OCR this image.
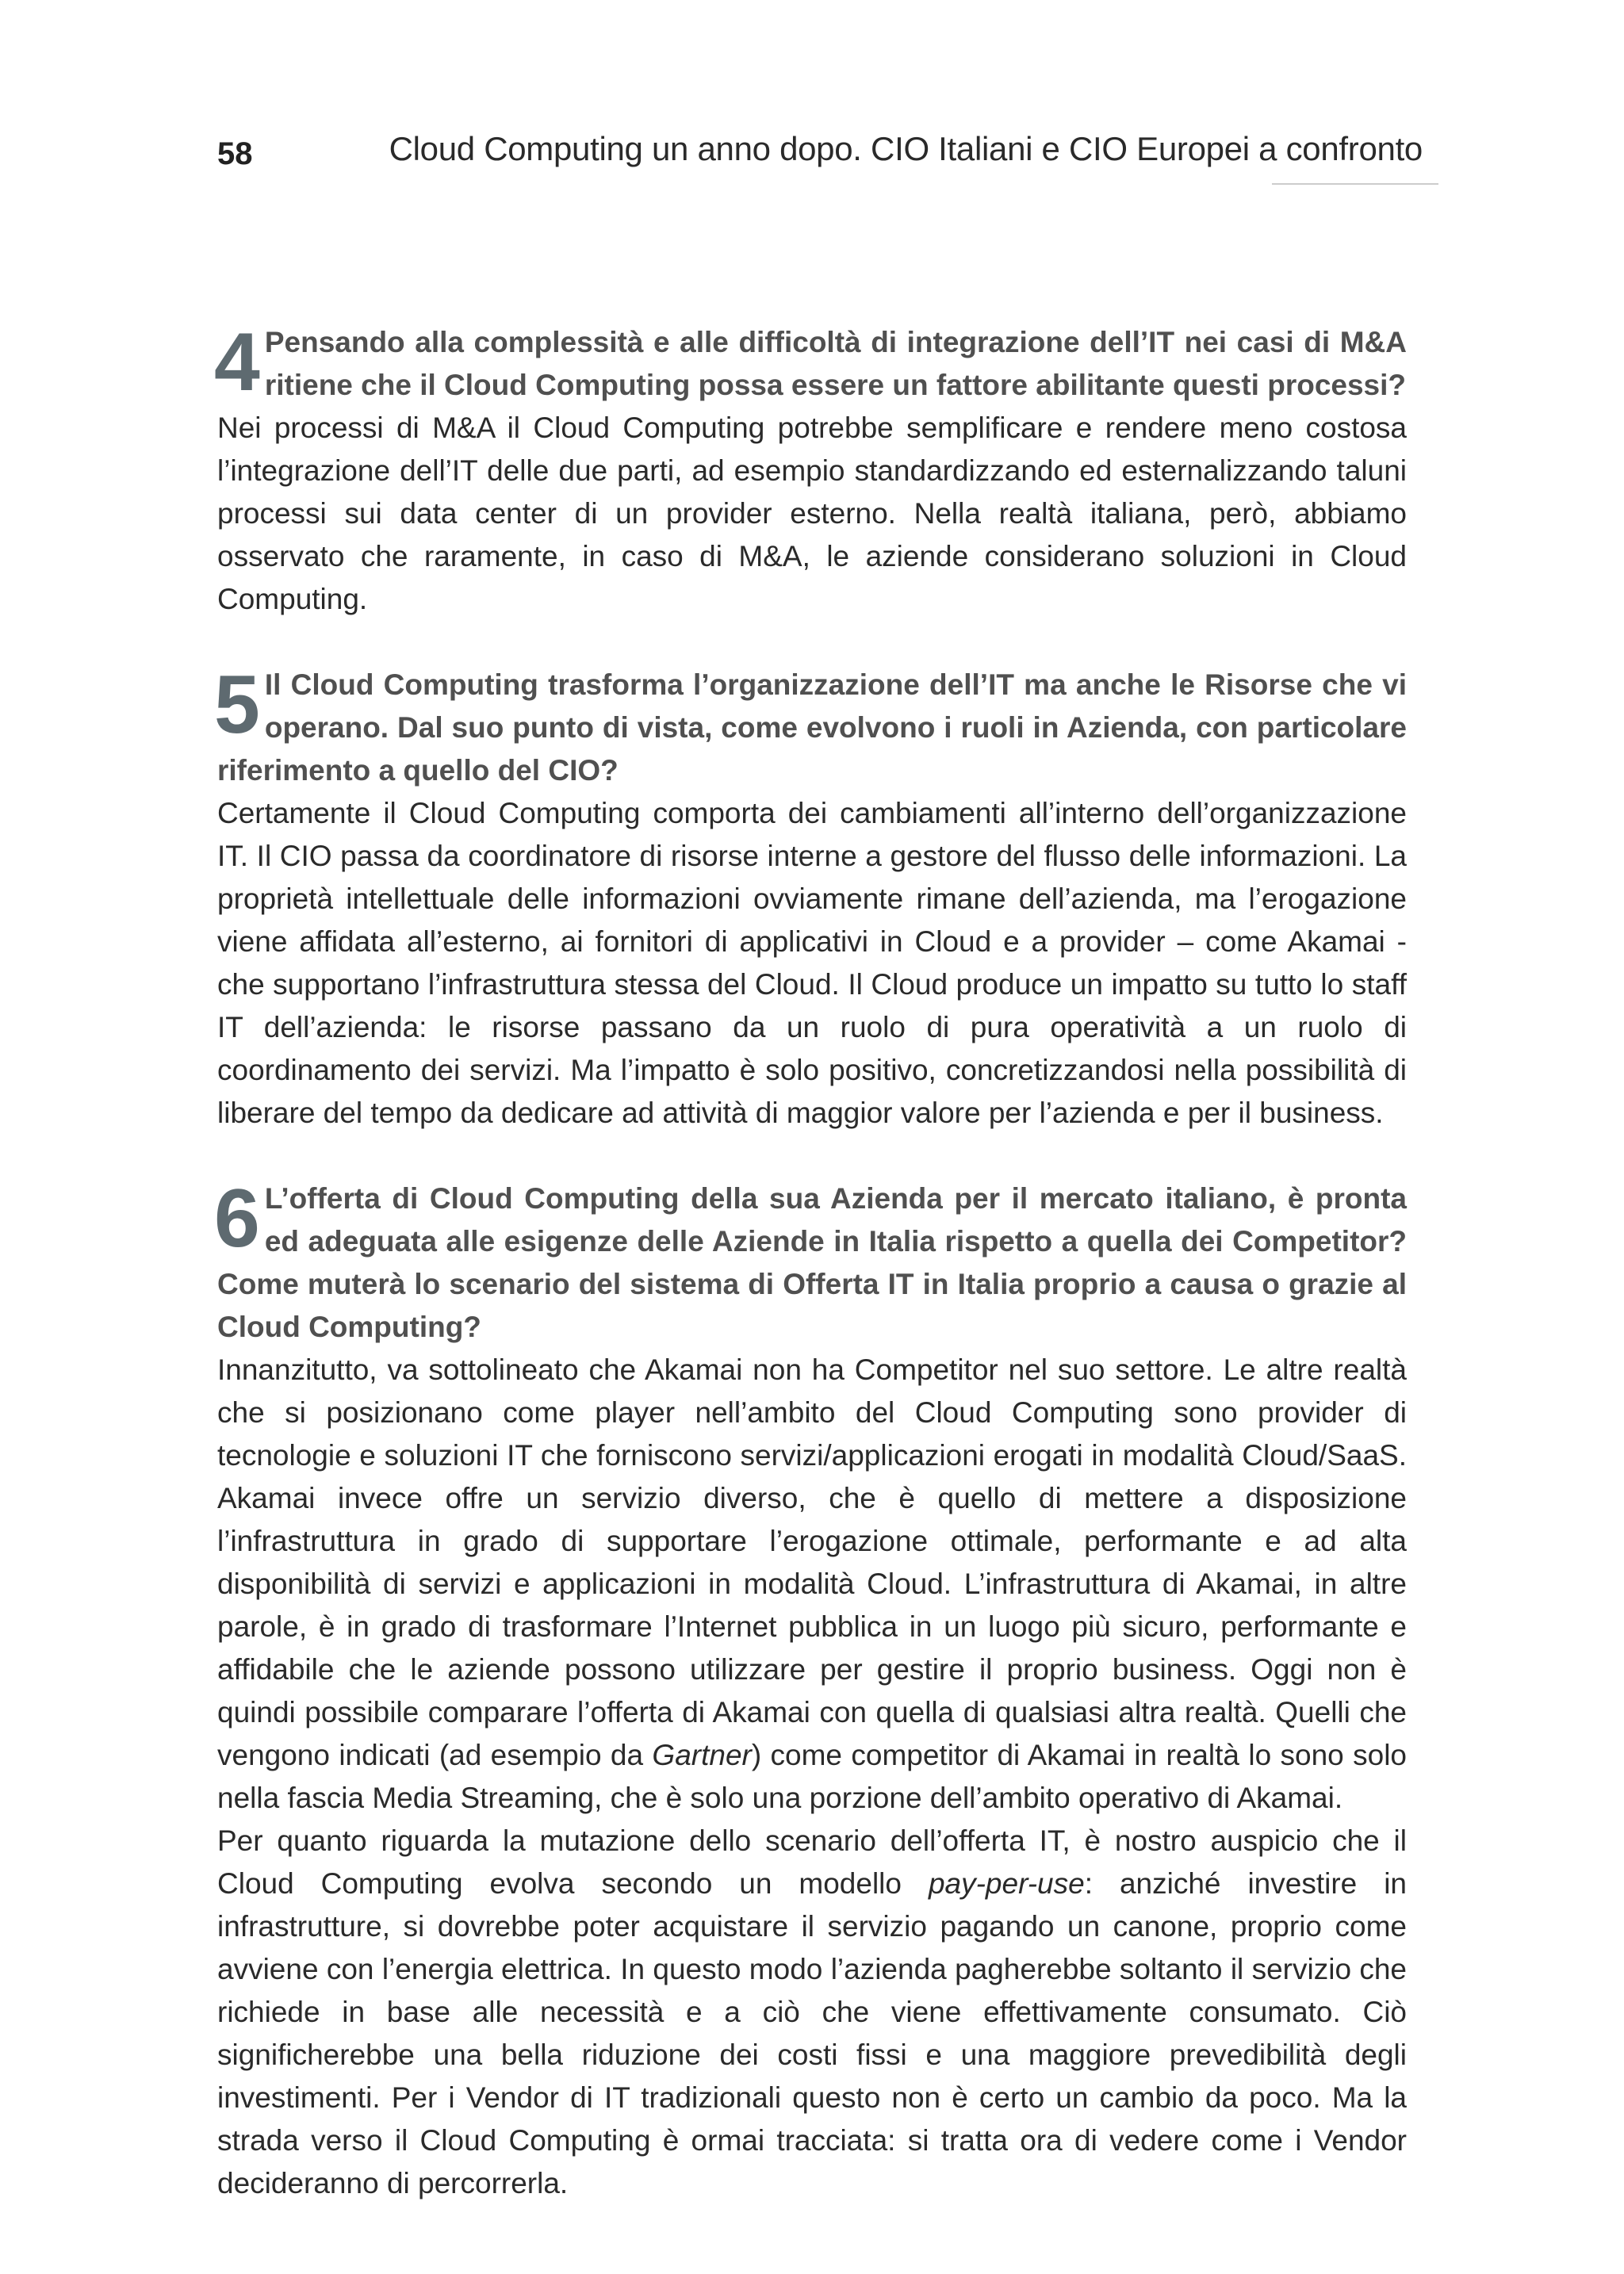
58	Cloud Computing un anno dopo. CIO Italiani e CIO Europei a confronto

4 Pensando alla complessità e alle difficoltà di integrazione dell’IT nei casi di M&A ritiene che il Cloud Computing possa essere un fattore abilitante questi processi?

Nei processi di M&A il Cloud Computing potrebbe semplificare e rendere meno costosa l’integrazione dell’IT delle due parti, ad esempio standardizzando ed esternalizzando taluni processi sui data center di un provider esterno. Nella realtà italiana, però, abbiamo osservato che raramente, in caso di M&A, le aziende considerano soluzioni in Cloud Computing.

5 Il Cloud Computing trasforma l’organizzazione dell’IT ma anche le Risorse che vi operano. Dal suo punto di vista, come evolvono i ruoli in Azienda, con particolare riferimento a quello del CIO?

Certamente il Cloud Computing comporta dei cambiamenti all’interno dell’organizzazione IT. Il CIO passa da coordinatore di risorse interne a gestore del flusso delle informazioni. La proprietà intellettuale delle informazioni ovviamente rimane dell’azienda, ma l’erogazione viene affidata all’esterno, ai fornitori di applicativi in Cloud e a provider – come Akamai - che supportano l’infrastruttura stessa del Cloud. Il Cloud produce un impatto su tutto lo staff IT dell’azienda: le risorse passano da un ruolo di pura operatività a un ruolo di coordinamento dei servizi. Ma l’impatto è solo positivo, concretizzandosi nella possibilità di liberare del tempo da dedicare ad attività di maggior valore per l’azienda e per il business.

6 L’offerta di Cloud Computing della sua Azienda per il mercato italiano, è pronta ed adeguata alle esigenze delle Aziende in Italia rispetto a quella dei Competitor? Come muterà lo scenario del sistema di Offerta IT in Italia proprio a causa o grazie al Cloud Computing?

Innanzitutto, va sottolineato che Akamai non ha Competitor nel suo settore. Le altre realtà che si posizionano come player nell’ambito del Cloud Computing sono provider di tecnologie e soluzioni IT che forniscono servizi/applicazioni erogati in modalità Cloud/SaaS. Akamai invece offre un servizio diverso, che è quello di mettere a disposizione l’infrastruttura in grado di supportare l’erogazione ottimale, performante e ad alta disponibilità di servizi e applicazioni in modalità Cloud. L’infrastruttura di Akamai, in altre parole, è in grado di trasformare l’Internet pubblica in un luogo più sicuro, performante e affidabile che le aziende possono utilizzare per gestire il proprio business. Oggi non è quindi possibile comparare l’offerta di Akamai con quella di qualsiasi altra realtà. Quelli che vengono indicati (ad esempio da Gartner) come competitor di Akamai in realtà lo sono solo nella fascia Media Streaming, che è solo una porzione dell’ambito operativo di Akamai.

Per quanto riguarda la mutazione dello scenario dell’offerta IT, è nostro auspicio che il Cloud Computing evolva secondo un modello pay-per-use: anziché investire in infrastrutture, si dovrebbe poter acquistare il servizio pagando un canone, proprio come avviene con l’energia elettrica. In questo modo l’azienda pagherebbe soltanto il servizio che richiede in base alle necessità e a ciò che viene effettivamente consumato. Ciò significherebbe una bella riduzione dei costi fissi e una maggiore prevedibilità degli investimenti. Per i Vendor di IT tradizionali questo non è certo un cambio da poco. Ma la strada verso il Cloud Computing è ormai tracciata: si tratta ora di vedere come i Vendor decideranno di percorrerla.
